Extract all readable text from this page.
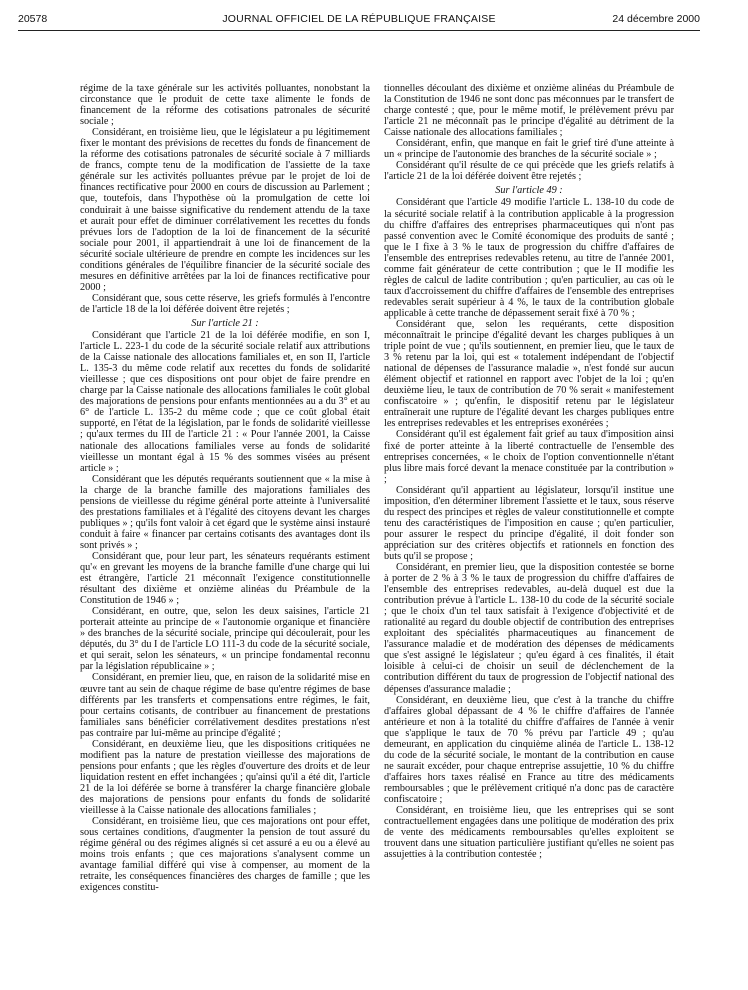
20578	JOURNAL OFFICIEL DE LA RÉPUBLIQUE FRANÇAISE	24 décembre 2000

régime de la taxe générale sur les activités polluantes, nonobstant la circonstance que le produit de cette taxe alimente le fonds de financement de la réforme des cotisations patronales de sécurité sociale ;

Considérant, en troisième lieu, que le législateur a pu légitimement fixer le montant des prévisions de recettes du fonds de financement de la réforme des cotisations patronales de sécurité sociale à 7 milliards de francs, compte tenu de la modification de l'assiette de la taxe générale sur les activités polluantes prévue par le projet de loi de finances rectificative pour 2000 en cours de discussion au Parlement ; que, toutefois, dans l'hypothèse où la promulgation de cette loi conduirait à une baisse significative du rendement attendu de la taxe et aurait pour effet de diminuer corrélativement les recettes du fonds prévues lors de l'adoption de la loi de financement de la sécurité sociale pour 2001, il appartiendrait à une loi de financement de la sécurité sociale ultérieure de prendre en compte les incidences sur les conditions générales de l'équilibre financier de la sécurité sociale des mesures en définitive arrêtées par la loi de finances rectificative pour 2000 ;

Considérant que, sous cette réserve, les griefs formulés à l'encontre de l'article 18 de la loi déférée doivent être rejetés ;

Sur l'article 21 :

Considérant que l'article 21 de la loi déférée modifie, en son I, l'article L. 223-1 du code de la sécurité sociale relatif aux attributions de la Caisse nationale des allocations familiales et, en son II, l'article L. 135-3 du même code relatif aux recettes du fonds de solidarité vieillesse ; que ces dispositions ont pour objet de faire prendre en charge par la Caisse nationale des allocations familiales le coût global des majorations de pensions pour enfants mentionnées au a du 3° et au 6° de l'article L. 135-2 du même code ; que ce coût global était supporté, en l'état de la législation, par le fonds de solidarité vieillesse ; qu'aux termes du III de l'article 21 : « Pour l'année 2001, la Caisse nationale des allocations familiales verse au fonds de solidarité vieillesse un montant égal à 15 % des sommes visées au présent article » ;

Considérant que les députés requérants soutiennent que « la mise à la charge de la branche famille des majorations familiales des pensions de vieillesse du régime général porte atteinte à l'universalité des prestations familiales et à l'égalité des citoyens devant les charges publiques » ; qu'ils font valoir à cet égard que le système ainsi instauré conduit à faire « financer par certains cotisants des avantages dont ils sont privés » ;

Considérant que, pour leur part, les sénateurs requérants estiment qu'« en grevant les moyens de la branche famille d'une charge qui lui est étrangère, l'article 21 méconnaît l'exigence constitutionnelle résultant des dixième et onzième alinéas du Préambule de la Constitution de 1946 » ;

Considérant, en outre, que, selon les deux saisines, l'article 21 porterait atteinte au principe de « l'autonomie organique et financière » des branches de la sécurité sociale, principe qui découlerait, pour les députés, du 3° du I de l'article LO 111-3 du code de la sécurité sociale, et qui serait, selon les sénateurs, « un principe fondamental reconnu par la législation républicaine » ;

Considérant, en premier lieu, que, en raison de la solidarité mise en œuvre tant au sein de chaque régime de base qu'entre régimes de base différents par les transferts et compensations entre régimes, le fait, pour certains cotisants, de contribuer au financement de prestations familiales sans bénéficier corrélativement desdites prestations n'est pas contraire par lui-même au principe d'égalité ;

Considérant, en deuxième lieu, que les dispositions critiquées ne modifient pas la nature de prestation vieillesse des majorations de pensions pour enfants ; que les règles d'ouverture des droits et de leur liquidation restent en effet inchangées ; qu'ainsi qu'il a été dit, l'article 21 de la loi déférée se borne à transférer la charge financière globale des majorations de pensions pour enfants du fonds de solidarité vieillesse à la Caisse nationale des allocations familiales ;

Considérant, en troisième lieu, que ces majorations ont pour effet, sous certaines conditions, d'augmenter la pension de tout assuré du régime général ou des régimes alignés si cet assuré a eu ou a élevé au moins trois enfants ; que ces majorations s'analysent comme un avantage familial différé qui vise à compenser, au moment de la retraite, les conséquences financières des charges de famille ; que les exigences constitu-

tionnelles découlant des dixième et onzième alinéas du Préambule de la Constitution de 1946 ne sont donc pas méconnues par le transfert de charge contesté ; que, pour le même motif, le prélèvement prévu par l'article 21 ne méconnaît pas le principe d'égalité au détriment de la Caisse nationale des allocations familiales ;

Considérant, enfin, que manque en fait le grief tiré d'une atteinte à un « principe de l'autonomie des branches de la sécurité sociale » ;

Considérant qu'il résulte de ce qui précède que les griefs relatifs à l'article 21 de la loi déférée doivent être rejetés ;

Sur l'article 49 :

Considérant que l'article 49 modifie l'article L. 138-10 du code de la sécurité sociale relatif à la contribution applicable à la progression du chiffre d'affaires des entreprises pharmaceutiques qui n'ont pas passé convention avec le Comité économique des produits de santé ; que le I fixe à 3 % le taux de progression du chiffre d'affaires de l'ensemble des entreprises redevables retenu, au titre de l'année 2001, comme fait générateur de cette contribution ; que le II modifie les règles de calcul de ladite contribution ; qu'en particulier, au cas où le taux d'accroissement du chiffre d'affaires de l'ensemble des entreprises redevables serait supérieur à 4 %, le taux de la contribution globale applicable à cette tranche de dépassement serait fixé à 70 % ;

Considérant que, selon les requérants, cette disposition méconnaîtrait le principe d'égalité devant les charges publiques à un triple point de vue ; qu'ils soutiennent, en premier lieu, que le taux de 3 % retenu par la loi, qui est « totalement indépendant de l'objectif national de dépenses de l'assurance maladie », n'est fondé sur aucun élément objectif et rationnel en rapport avec l'objet de la loi ; qu'en deuxième lieu, le taux de contribution de 70 % serait « manifestement confiscatoire » ; qu'enfin, le dispositif retenu par le législateur entraînerait une rupture de l'égalité devant les charges publiques entre les entreprises redevables et les entreprises exonérées ;

Considérant qu'il est également fait grief au taux d'imposition ainsi fixé de porter atteinte à la liberté contractuelle de l'ensemble des entreprises concernées, « le choix de l'option conventionnelle n'étant plus libre mais forcé devant la menace constituée par la contribution » ;

Considérant qu'il appartient au législateur, lorsqu'il institue une imposition, d'en déterminer librement l'assiette et le taux, sous réserve du respect des principes et règles de valeur constitutionnelle et compte tenu des caractéristiques de l'imposition en cause ; qu'en particulier, pour assurer le respect du principe d'égalité, il doit fonder son appréciation sur des critères objectifs et rationnels en fonction des buts qu'il se propose ;

Considérant, en premier lieu, que la disposition contestée se borne à porter de 2 % à 3 % le taux de progression du chiffre d'affaires de l'ensemble des entreprises redevables, au-delà duquel est due la contribution prévue à l'article L. 138-10 du code de la sécurité sociale ; que le choix d'un tel taux satisfait à l'exigence d'objectivité et de rationalité au regard du double objectif de contribution des entreprises exploitant des spécialités pharmaceutiques au financement de l'assurance maladie et de modération des dépenses de médicaments que s'est assigné le législateur ; qu'eu égard à ces finalités, il était loisible à celui-ci de choisir un seuil de déclenchement de la contribution différent du taux de progression de l'objectif national des dépenses d'assurance maladie ;

Considérant, en deuxième lieu, que c'est à la tranche du chiffre d'affaires global dépassant de 4 % le chiffre d'affaires de l'année antérieure et non à la totalité du chiffre d'affaires de l'année à venir que s'applique le taux de 70 % prévu par l'article 49 ; qu'au demeurant, en application du cinquième alinéa de l'article L. 138-12 du code de la sécurité sociale, le montant de la contribution en cause ne saurait excéder, pour chaque entreprise assujettie, 10 % du chiffre d'affaires hors taxes réalisé en France au titre des médicaments remboursables ; que le prélèvement critiqué n'a donc pas de caractère confiscatoire ;

Considérant, en troisième lieu, que les entreprises qui se sont contractuellement engagées dans une politique de modération des prix de vente des médicaments remboursables qu'elles exploitent se trouvent dans une situation particulière justifiant qu'elles ne soient pas assujetties à la contribution contestée ;
